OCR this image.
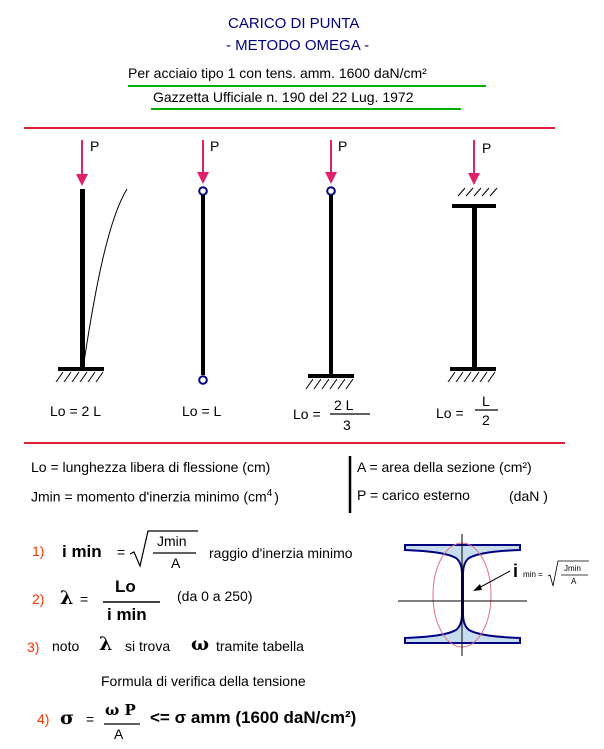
CARICO DI PUNTA
- METODO OMEGA -
Per acciaio tipo 1 con tens. amm. 1600 daN/cm²
Gazzetta Ufficiale n. 190 del 22 Lug. 1972
P	P	P	P
Lo = 2 L	Lo = L	Lo =
2 L
3
Lo =
L
2
Lo = lunghezza libera di flessione (cm)
Jmin = momento d'inerzia minimo ($cm^4$ )
A = area della sezione (cm²)
P = carico esterno	(daN )
1) i min =
Jmin
A
raggio d'inerzia minimo
2) λ =
Lo
i min
(da 0 a 250)
3) noto λ si trova ω tramite tabella
Formula di verifica della tensione
4) σ = ω P
A
<= σ amm (1600 daN/cm²)
i min =
Jmin
A
